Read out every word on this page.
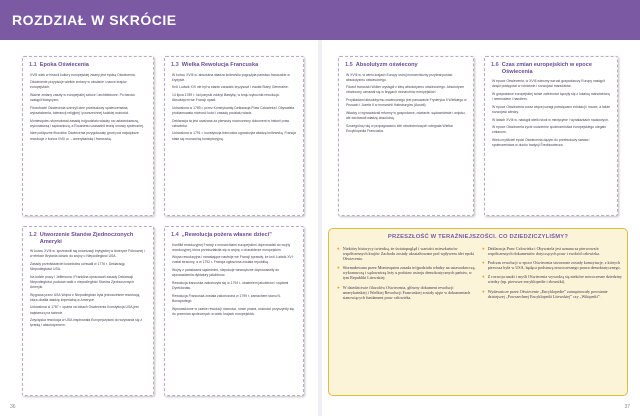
ROZDZIAŁ W SKRÓCIE
1.1 Epoka Oświecenia

XVIII wiek w historii kultury europejskiej zwany jest epoką Oświecenia.

Oświecenie przypisuje wielkie zmiany w oświacie i nauce krajów europejskich.

Ważne zmiany zaszły w europejskiej sztuce i architekturze. Po baroku nastąpił klasycyzm.

Filozofowie Oświecenia szerzyli idee przebudowy społeczeństwa, wykształcenia, tolerancji religijnej i powszechnej ludzkiej wolności.

Montesquieu sformułował zasadę trójpodziału władzy na ustawodawczą, wykonawczą i sądowniczą, a Rousseau uzasadnił teorię umowy społecznej.

Idee polityczne filozofów Oświecenia przygotowały grunt pod największe rewolucje z końca XVIII w. – amerykańską i francuską.

1.3 Wielka Rewolucja Francuska

W końcu XVIII w. absolutna władza królewska pogrążyła państwo francuskie w kryzysie.

Król Ludwik XVI nie był w stanie zaradzić kryzysowi i zwołał Stany Generalne.

14 lipca 1789 r. lud paryski zdobył Bastylię, w kraju wybuchła rewolucja. Absolutyzm we Francji upadł.

Uchwalona w 1789 r. przez Konstytuantę Deklaracja Praw Człowieka i Obywatela proklamowała równość ludzi i zasadę podziału władz.

Deklaracja ta jest uważana za pierwszy nowoczesny dokument w historii praw człowieka.

Uchwalona w 1791 r. konstytucja francuska ograniczyła władzę królewską. Francja stała się monarchią konstytucyjną.

1.5 Absolutyzm oświecony

W XVIII w. w wielu krajach Europy ustrój monarchiczny przybrał postać absolutyzmu oświeconego.

Filozof francuski Wolter wystąpił z ideą absolutyzmu oświeconego. Absolutyzm oświecony uznawał się w kręgach monarchów europejskich.

Przykładami absolutyzmu oświeconego jest panowanie Fryderyka II Wielkiego w Prusach i Józefa II w monarchii Habsburgów (Austrii).

Władcy ci wprowadzali reformy w gospodarce, oświacie, sądownictwie i wojsku, ale zachowali władzę absolutną.

Szczególną rolę w propagowaniu idei oświeceniowych odegrała Wielka Encyklopedia Francuska.

1.6 Czas zmian europejskich w epoce Oświecenia

W epoce Oświecenia, w XVIII wieczny wzrost gospodarczy Europy nastąpił dzięki postępowi w rolnictwie i rozwojowi manufaktur.

W gospodarce europejskiej ścisłe zależności łączyły się z lokalną manufakturą i rzemiosłem i handlem.

W epoce Oświecenia coraz więcej uwagi poświęcano edukacji i nauce, a także rozwojowi wiedzy.

W latach XVIII w. nastąpił wielki skok w medycynie i wynalazkach naukowych.

W epoce Oświecenia życie codzienne społeczeństwa europejskiego ulegało zmianom.

Wielu myślicieli epoki Oświecenia dążyło do przebudowy świata i społeczeństwa w duchu tradycji Średniowiecza.

1.2 Utworzenie Stanów Zjednoczonych Ameryki

W końcu XVIII w. sprzeciwili się kolonizacji brytyjskiej w Ameryce Północnej i w efekcie Brytania doszło do wojny o Niepodległość USA.

Zasady przedstawiciel kolonistów uchwalił w 1776 r. Deklarację Niepodległości USA.

Na ludzie pracy i Jeffersona i Franklina opracowali zasady Deklaracji Niepodległości podczas walk o niepodległość Stanów Zjednoczonych Ameryki.

Wygrana przez USA Wojna o Niepodległość była jednocześnie rewolucją, która obaliła władzę imperialną w Ameryce.

Uchwalona w 1787 r. oparta na ideach Oświecenia Konstytucja USA jest najstarszą na świecie.

Zwycięska rewolucja w USA inspirowała Europejczyków do wzywania się z tyranią i absolutyzmem.

1.4 „Rewolucja pożera własne dzieci”

Konflikt rewolucyjnej Francji z monarchiami europejskimi doprowadził do wojny rewolucyjnej, która przekształciła się w wojnę o charakterze europejskim.

Wojna rewolucyjna i narastające nastroje we Francji sprawiły, że król Ludwik XVI został stracony, a w 1792 r. Francja ogłoszona została republiką.

Wojny z państwami sąsiednimi, niepokoje wewnętrzne doprowadziły do wprowadzenia dyktatury jakobinów.

Rewolucja francuska zakończyła się w 1794 r. obaleniem jakobinów i rządami Dyrektoriatu.

Rewolucja Francuska została zakończona w 1799 r. zamachem stanu N. Bonapartego.

Wprowadzone w czasie rewolucji równości, nowe prawa, wolności przyczyniły się do przemian społecznych w wielu krajach europejskich.

PRZESZŁOŚĆ W TERAŹNIEJSZOŚCI. CO DZIEDZICZYLIŚMY?
● Niektóry historycy twierdzą, że światopogląd i wartości mieszkańców współczesnych krajów Zachodu zostały ukształtowane pod wpływem idei epoki Oświecenia.

● Sformułowana przez Montesquieu zasada trójpodziału władzy na ustawodawczą, wykonawczą i sądowniczą leży u podstaw ustroju demokratycznych państw, w tym Republiki Litewskiej.

● W dziedzictwie filozofów Oświecenia, główny dokument rewolucji amerykańskiej i Wielkiej Rewolucji Francuskiej zostały ujęte w dokumentach stanowiących fundament praw człowieka.

● Deklaracja Praw Człowieka i Obywatela jest uznana za pierwowzór współczesnych dokumentów dotyczących praw i swobód człowieka.

● Podczas rewolucji w epoce Oświecenia stworzone zostały konstytucje, z których pierwsza była w USA, będąca podstawą nowoczesnego prawa demokratycznego.

● Z rozwoju nauki i myśli Oświecenia wywodzą się niektóre nowoczesne dziedziny wiedzy (np. pierwsze encyklopedie i słowniki).

● Wydawnicze przez Oświecenie „Encyklopedie” zainspirowały powstanie dzisiejszej „Powszechnej Encyklopedii Litewskiej” czy „Wikipedii”.

36	37
